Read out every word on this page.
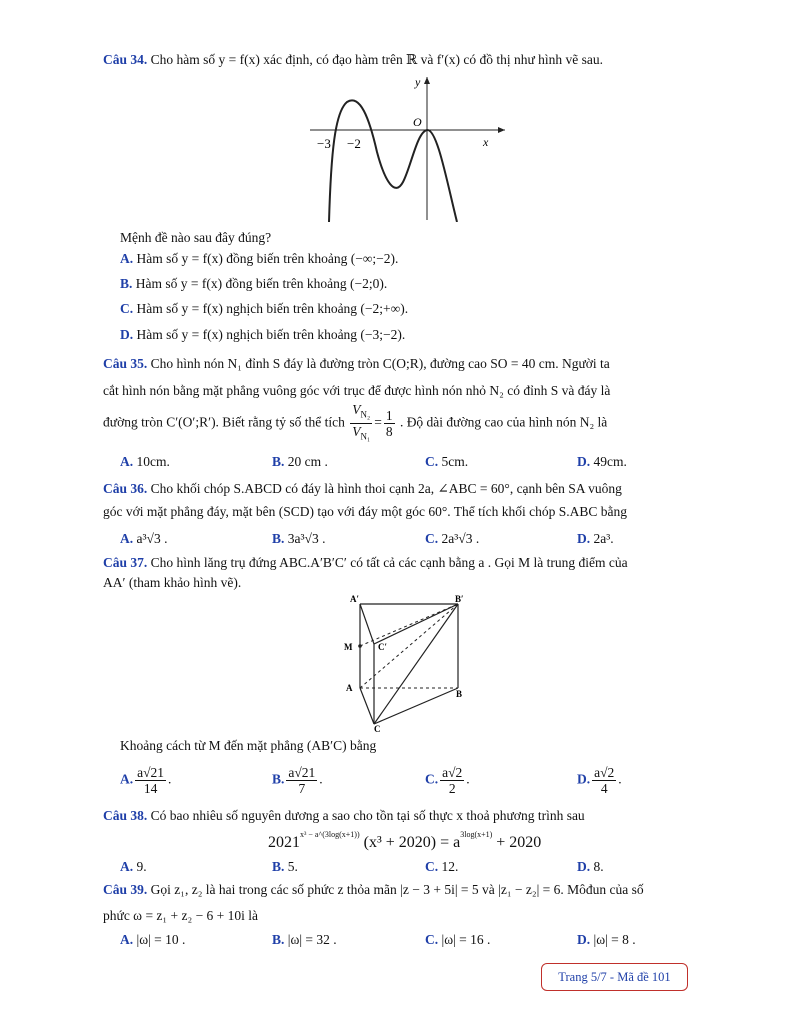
Câu 34. Cho hàm số y = f(x) xác định, có đạo hàm trên ℝ và f′(x) có đồ thị như hình vẽ sau.
y
x
O
−3 −2
Mệnh đề nào sau đây đúng?
A. Hàm số y = f(x) đồng biến trên khoảng (−∞;−2).
B. Hàm số y = f(x) đồng biến trên khoảng (−2;0).
C. Hàm số y = f(x) nghịch biến trên khoảng (−2;+∞).
D. Hàm số y = f(x) nghịch biến trên khoảng (−3;−2).
Câu 35. Cho hình nón N₁ đỉnh S đáy là đường tròn C(O;R), đường cao SO = 40 cm. Người ta
cắt hình nón bằng mặt phẳng vuông góc với trục để được hình nón nhỏ N₂ có đỉnh S và đáy là
đường tròn C′(O′;R′). Biết rằng tỷ số thể tích $\frac{V_{N_2}}{V_{N_1}} = \frac{1}{8}$ . Độ dài đường cao của hình nón N₂ là
A. 10cm.	B. 20 cm .	C. 5cm.	D. 49cm.
Câu 36. Cho khối chóp S.ABCD có đáy là hình thoi cạnh 2a, ∠ABC = 60°, cạnh bên SA vuông
góc với mặt phẳng đáy, mặt bên (SCD) tạo với đáy một góc 60°. Thể tích khối chóp S.ABC bằng
A. a³√3 .	B. 3a³√3 .	C. 2a³√3 .	D. 2a³.
Câu 37. Cho hình lăng trụ đứng ABC.A′B′C′ có tất cả các cạnh bằng a . Gọi M là trung điểm của
AA′ (tham khảo hình vẽ).
A′	B′
C′
M
A
B
C
Khoảng cách từ M đến mặt phẳng (AB′C) bằng
A. $\frac{a√21}{14}$ .	B. $\frac{a√21}{7}$ .	C. $\frac{a√2}{2}$ .	D. $\frac{a√2}{4}$ .
Câu 38. Có bao nhiêu số nguyên dương a sao cho tồn tại số thực x thoả phương trình sau
$2021^{x^3 - a\^{}(3log(x+1))}$ $(x^3 + 2020) = a^{3log(x+1)} + 2020$
A. 9.	B. 5.	C. 12.	D. 8.
Câu 39. Gọi z₁, z₂ là hai trong các số phức z thỏa mãn |z − 3 + 5i| = 5 và |z₁ − z₂| = 6. Môđun của số
phức ω = z₁ + z₂ − 6 + 10i là
A. |ω| = 10 .	B. |ω| = 32 .	C. |ω| = 16 .	D. |ω| = 8 .
Trang 5/7 - Mã đề 101
